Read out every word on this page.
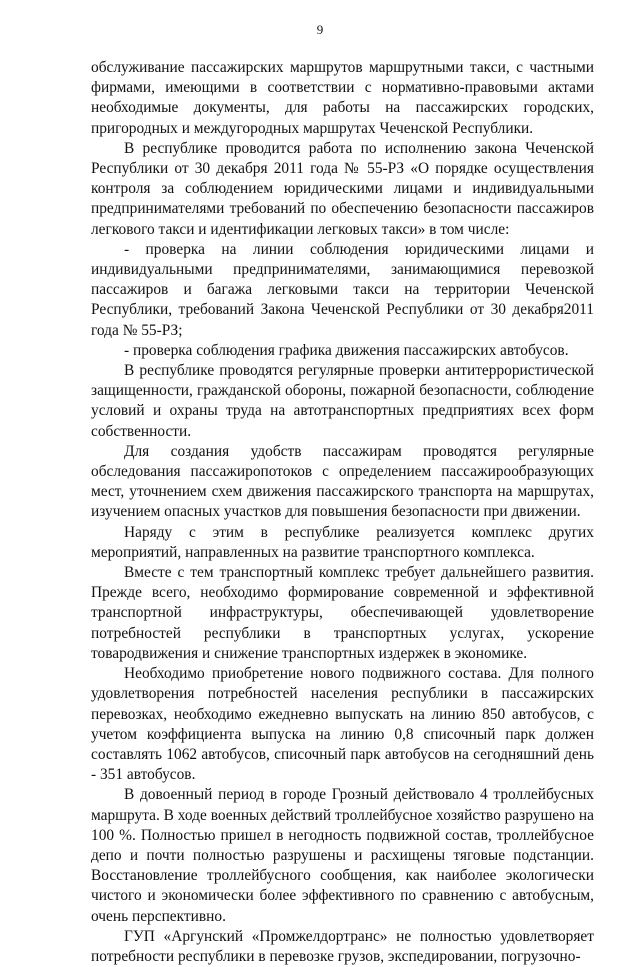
9

обслуживание пассажирских маршрутов маршрутными такси, с частными фирмами, имеющими в соответствии с нормативно-правовыми актами необходимые документы, для работы на пассажирских городских, пригородных и междугородных маршрутах Чеченской Республики.

В республике проводится работа по исполнению закона Чеченской Республики от 30 декабря 2011 года № 55-РЗ «О порядке осуществления контроля за соблюдением юридическими лицами и индивидуальными предпринимателями требований по обеспечению безопасности пассажиров легкового такси и идентификации легковых такси» в том числе:

- проверка на линии соблюдения юридическими лицами и индивидуальными предпринимателями, занимающимися перевозкой пассажиров и багажа легковыми такси на территории Чеченской Республики, требований Закона Чеченской Республики от 30 декабря2011 года № 55-РЗ;

- проверка соблюдения графика движения пассажирских автобусов.

В республике проводятся регулярные проверки антитеррористической защищенности, гражданской обороны, пожарной безопасности, соблюдение условий и охраны труда на автотранспортных предприятиях всех форм собственности.

Для создания удобств пассажирам проводятся регулярные обследования пассажиропотоков с определением пассажирообразующих мест, уточнением схем движения пассажирского транспорта на маршрутах, изучением опасных участков для повышения безопасности при движении.

Наряду с этим в республике реализуется комплекс других мероприятий, направленных на развитие транспортного комплекса.

Вместе с тем транспортный комплекс требует дальнейшего развития. Прежде всего, необходимо формирование современной и эффективной транспортной инфраструктуры, обеспечивающей удовлетворение потребностей республики в транспортных услугах, ускорение товародвижения и снижение транспортных издержек в экономике.

Необходимо приобретение нового подвижного состава. Для полного удовлетворения потребностей населения республики в пассажирских перевозках, необходимо ежедневно выпускать на линию 850 автобусов, с учетом коэффициента выпуска на линию 0,8 списочный парк должен составлять 1062 автобусов, списочный парк автобусов на сегодняшний день - 351 автобусов.

В довоенный период в городе Грозный действовало 4 троллейбусных маршрута. В ходе военных действий троллейбусное хозяйство разрушено на 100 %. Полностью пришел в негодность подвижной состав, троллейбусное депо и почти полностью разрушены и расхищены тяговые подстанции. Восстановление троллейбусного сообщения, как наиболее экологически чистого и экономически более эффективного по сравнению с автобусным, очень перспективно.

ГУП «Аргунский «Промжелдортранс» не полностью удовлетворяет потребности республики в перевозке грузов, экспедировании, погрузочно-
